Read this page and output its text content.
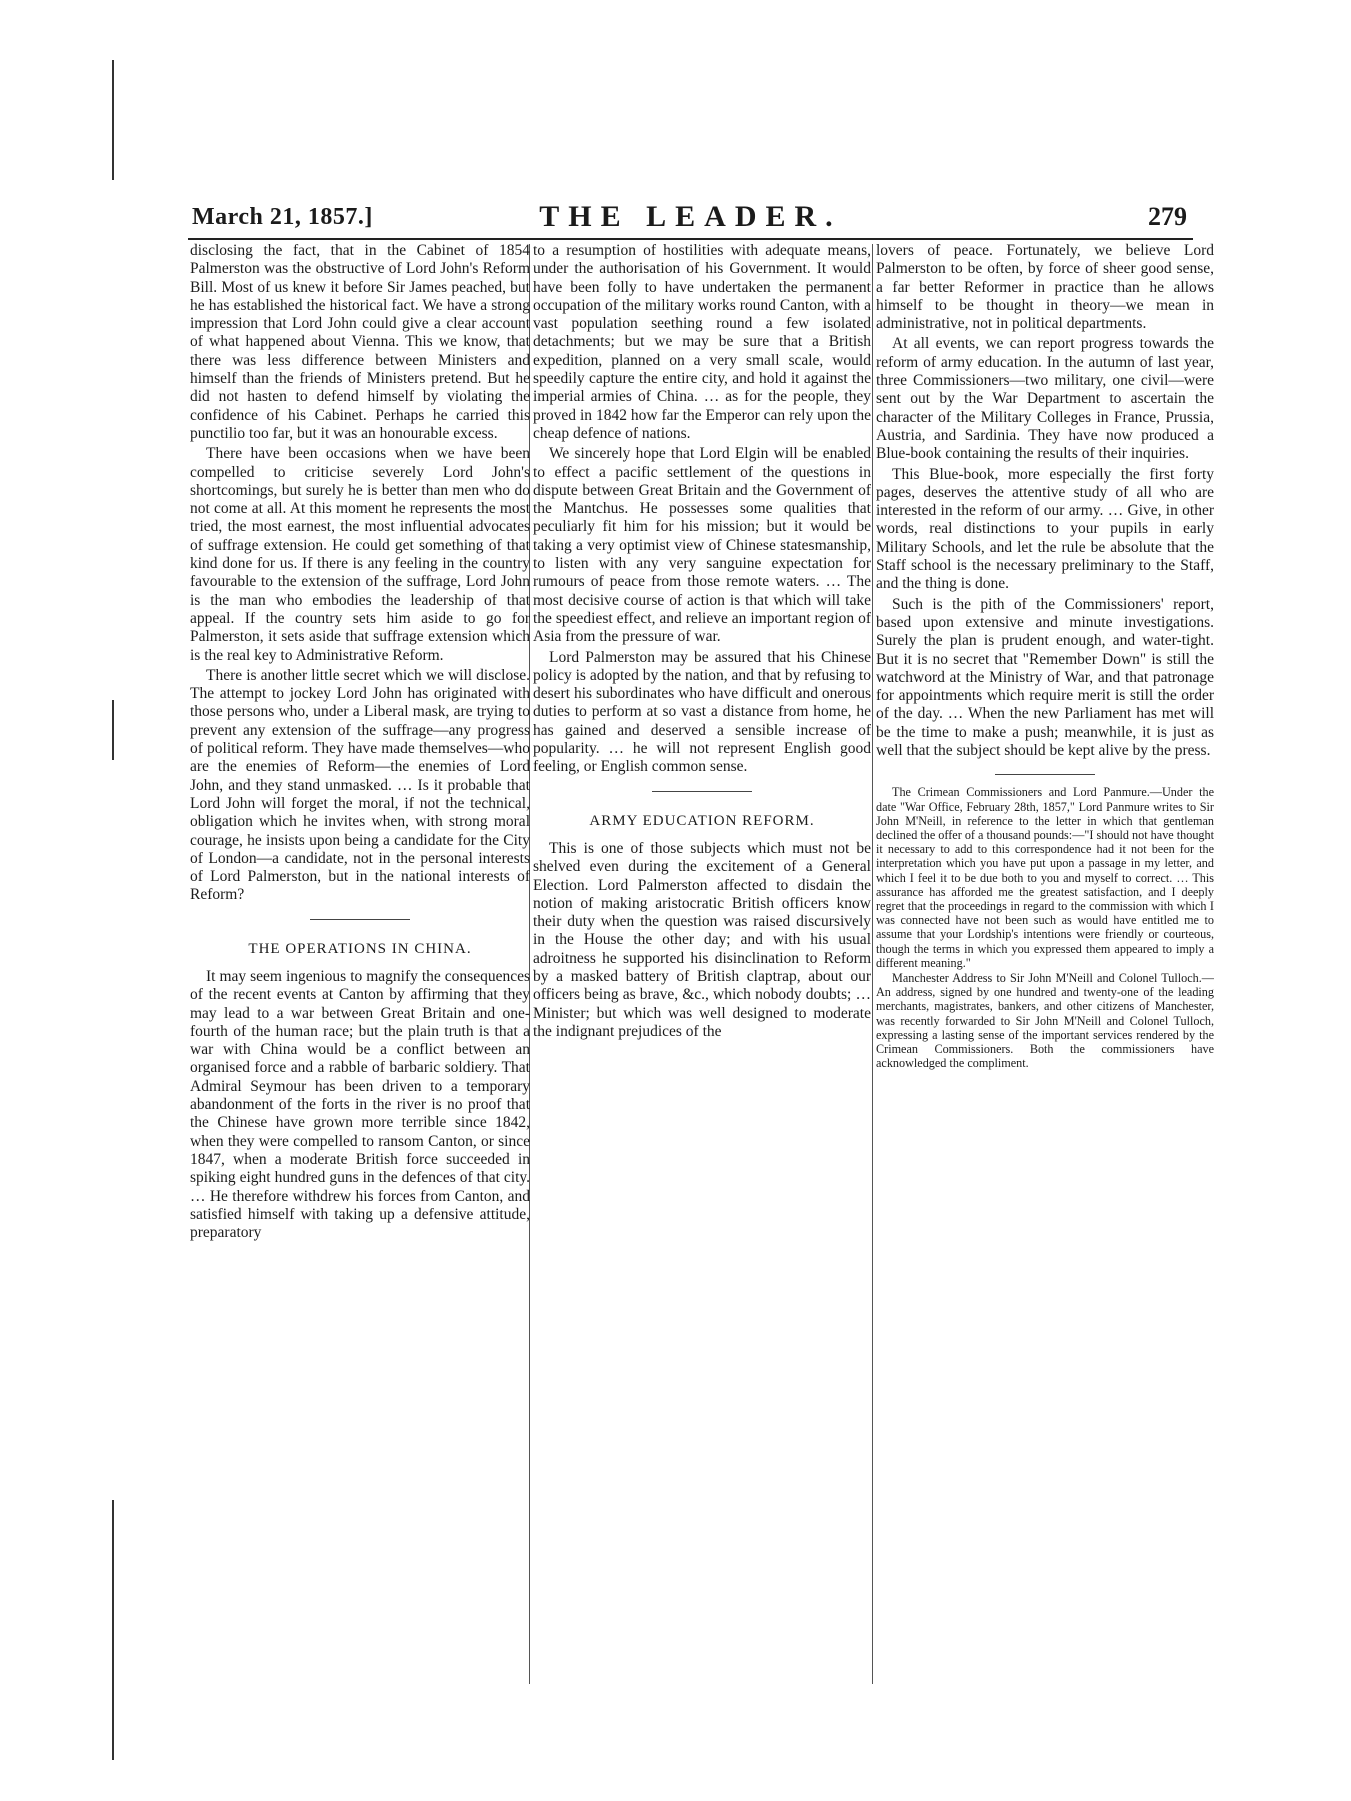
March 21, 1857.]	THE LEADER.	279

disclosing the fact, that in the Cabinet of 1854 Palmerston was the obstructive of Lord John's Reform Bill. Most of us knew it before Sir James peached, but he has established the historical fact. We have a strong impression that Lord John could give a clear account of what happened about Vienna. This we know, that there was less difference between Ministers and himself than the friends of Ministers pretend. But he did not hasten to defend himself by violating the confidence of his Cabinet. Perhaps he carried this punctilio too far, but it was an honourable excess.

There have been occasions when we have been compelled to criticise severely Lord John's shortcomings, but surely he is better than men who do not come at all. At this moment he represents the most tried, the most earnest, the most influential advocates of suffrage extension. He could get something of that kind done for us. If there is any feeling in the country favourable to the extension of the suffrage, Lord John is the man who embodies the leadership of that appeal. If the country sets him aside to go for Palmerston, it sets aside that suffrage extension which is the real key to Administrative Reform.

There is another little secret which we will disclose. The attempt to jockey Lord John has originated with those persons who, under a Liberal mask, are trying to prevent any extension of the suffrage—any progress of political reform. They have made themselves—who are the enemies of Reform—the enemies of Lord John, and they stand unmasked. … Is it probable that Lord John will forget the moral, if not the technical, obligation which he invites when, with strong moral courage, he insists upon being a candidate for the City of London—a candidate, not in the personal interests of Lord Palmerston, but in the national interests of Reform?

THE OPERATIONS IN CHINA.

It may seem ingenious to magnify the consequences of the recent events at Canton by affirming that they may lead to a war between Great Britain and one-fourth of the human race; but the plain truth is that a war with China would be a conflict between an organised force and a rabble of barbaric soldiery. That Admiral Seymour has been driven to a temporary abandonment of the forts in the river is no proof that the Chinese have grown more terrible since 1842, when they were compelled to ransom Canton, or since 1847, when a moderate British force succeeded in spiking eight hundred guns in the defences of that city. … He therefore withdrew his forces from Canton, and satisfied himself with taking up a defensive attitude, preparatory

to a resumption of hostilities with adequate means, under the authorisation of his Government. It would have been folly to have undertaken the permanent occupation of the military works round Canton, with a vast population seething round a few isolated detachments; but we may be sure that a British expedition, planned on a very small scale, would speedily capture the entire city, and hold it against the imperial armies of China. … as for the people, they proved in 1842 how far the Emperor can rely upon the cheap defence of nations.

We sincerely hope that Lord Elgin will be enabled to effect a pacific settlement of the questions in dispute between Great Britain and the Government of the Mantchus. He possesses some qualities that peculiarly fit him for his mission; but it would be taking a very optimist view of Chinese statesmanship, to listen with any very sanguine expectation for rumours of peace from those remote waters. … The most decisive course of action is that which will take the speediest effect, and relieve an important region of Asia from the pressure of war.

Lord Palmerston may be assured that his Chinese policy is adopted by the nation, and that by refusing to desert his subordinates who have difficult and onerous duties to perform at so vast a distance from home, he has gained and deserved a sensible increase of popularity. … he will not represent English good feeling, or English common sense.

ARMY EDUCATION REFORM.

This is one of those subjects which must not be shelved even during the excitement of a General Election. Lord Palmerston affected to disdain the notion of making aristocratic British officers know their duty when the question was raised discursively in the House the other day; and with his usual adroitness he supported his disinclination to Reform by a masked battery of British claptrap, about our officers being as brave, &c., which nobody doubts; … Minister; but which was well designed to moderate the indignant prejudices of the

lovers of peace. Fortunately, we believe Lord Palmerston to be often, by force of sheer good sense, a far better Reformer in practice than he allows himself to be thought in theory—we mean in administrative, not in political departments.

At all events, we can report progress towards the reform of army education. In the autumn of last year, three Commissioners—two military, one civil—were sent out by the War Department to ascertain the character of the Military Colleges in France, Prussia, Austria, and Sardinia. They have now produced a Blue-book containing the results of their inquiries.

This Blue-book, more especially the first forty pages, deserves the attentive study of all who are interested in the reform of our army. … Give, in other words, real distinctions to your pupils in early Military Schools, and let the rule be absolute that the Staff school is the necessary preliminary to the Staff, and the thing is done.

Such is the pith of the Commissioners' report, based upon extensive and minute investigations. Surely the plan is prudent enough, and water-tight. But it is no secret that "Remember Down" is still the watchword at the Ministry of War, and that patronage for appointments which require merit is still the order of the day. … When the new Parliament has met will be the time to make a push; meanwhile, it is just as well that the subject should be kept alive by the press.

The Crimean Commissioners and Lord Panmure.—Under the date "War Office, February 28th, 1857," Lord Panmure writes to Sir John M'Neill, in reference to the letter in which that gentleman declined the offer of a thousand pounds:—"I should not have thought it necessary to add to this correspondence had it not been for the interpretation which you have put upon a passage in my letter, and which I feel it to be due both to you and myself to correct. … This assurance has afforded me the greatest satisfaction, and I deeply regret that the proceedings in regard to the commission with which I was connected have not been such as would have entitled me to assume that your Lordship's intentions were friendly or courteous, though the terms in which you expressed them appeared to imply a different meaning."

Manchester Address to Sir John M'Neill and Colonel Tulloch.—An address, signed by one hundred and twenty-one of the leading merchants, magistrates, bankers, and other citizens of Manchester, was recently forwarded to Sir John M'Neill and Colonel Tulloch, expressing a lasting sense of the important services rendered by the Crimean Commissioners. Both the commissioners have acknowledged the compliment.
